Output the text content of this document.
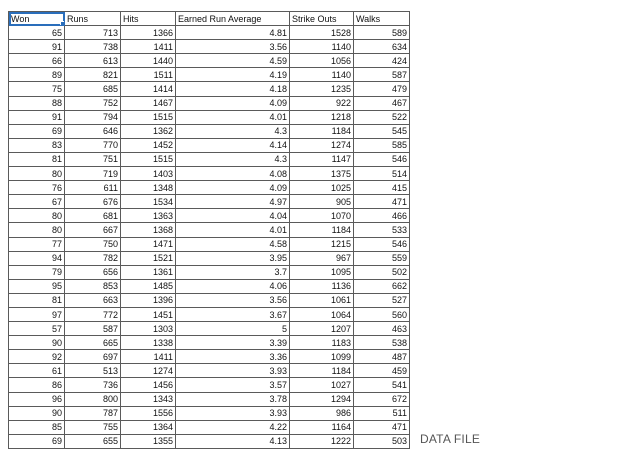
Won	Runs	Hits	Earned Run Average	Strike Outs	Walks
65	713	1366	4.81	1528	589
91	738	1411	3.56	1140	634
66	613	1440	4.59	1056	424
89	821	1511	4.19	1140	587
75	685	1414	4.18	1235	479
88	752	1467	4.09	922	467
91	794	1515	4.01	1218	522
69	646	1362	4.3	1184	545
83	770	1452	4.14	1274	585
81	751	1515	4.3	1147	546
80	719	1403	4.08	1375	514
76	611	1348	4.09	1025	415
67	676	1534	4.97	905	471
80	681	1363	4.04	1070	466
80	667	1368	4.01	1184	533
77	750	1471	4.58	1215	546
94	782	1521	3.95	967	559
79	656	1361	3.7	1095	502
95	853	1485	4.06	1136	662
81	663	1396	3.56	1061	527
97	772	1451	3.67	1064	560
57	587	1303	5	1207	463
90	665	1338	3.39	1183	538
92	697	1411	3.36	1099	487
61	513	1274	3.93	1184	459
86	736	1456	3.57	1027	541
96	800	1343	3.78	1294	672
90	787	1556	3.93	986	511
85	755	1364	4.22	1164	471
69	655	1355	4.13	1222	503 DATA FILE
